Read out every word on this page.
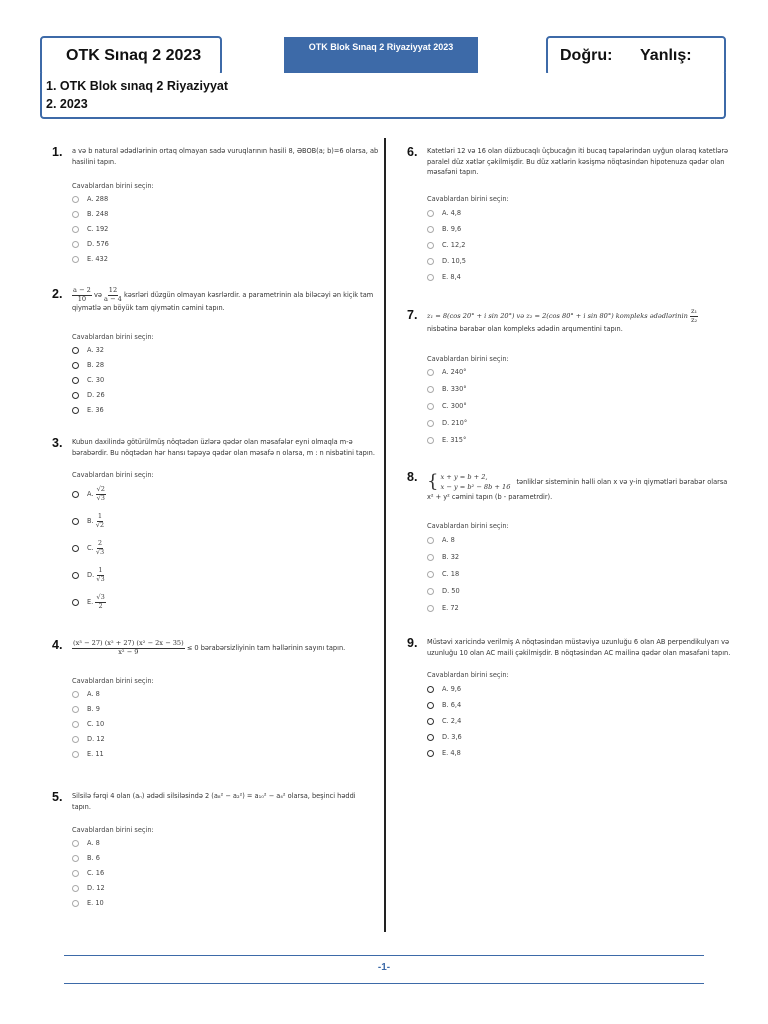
OTK Sınaq 2 2023	OTK Blok Sınaq 2 Riyaziyyat 2023	Doğru: Yanlış:
1. OTK Blok sınaq 2 Riyaziyyat
2. 2023
1. a və b natural ədədlərinin ortaq olmayan sadə vuruqlarının hasili 8, ƏBOB(a; b)=6 olarsa, ab
hasilini tapın.
Cavablardan birini seçin:
A. 288
B. 248
C. 192
D. 576
E. 432
2. $\frac{a - 2}{10}$ və $\frac{12}{a - 4}$ kəsrləri düzgün olmayan kəsrlərdir. a parametrinin ala biləcəyi ən kiçik tam
qiymətlə ən böyük tam qiymətin cəmini tapın.
Cavablardan birini seçin:
A. 32
B. 28
C. 30
D. 26
E. 36
3. Kubun daxilində götürülmüş nöqtədən üzlərə qədər olan məsafələr eyni olmaqla m-ə
bərabərdir. Bu nöqtədən hər hansı təpəyə qədər olan məsafə n olarsa, m : n nisbətini tapın.
Cavablardan birini seçin:
A.

√2
√3
B.

1
√2
C.

2
√3
D.

1
√3
E.

√3
2
4. $\frac{\text{(x³ − 27) (x² + 27) (x² − 2x − 35)}}{\text{x² − 9}} \le 0$ bərabərsizliyinin tam həllərinin sayını tapın.
Cavablardan birini seçin:
A. 8
B. 9
C. 10
D. 12
E. 11
5. Silsilə fərqi 4 olan (aₙ) ədədi silsiləsində 2 (a₈² − a₂²) = a₁₀² − a₄² olarsa, beşinci həddi
tapın.
Cavablardan birini seçin:
A. 8
B. 6
C. 16
D. 12
E. 10
6. Katetləri 12 və 16 olan düzbucaqlı üçbucağın iti bucaq təpələrindən uyğun olaraq katetlərə
paralel düz xətlər çəkilmişdir. Bu düz xətlərin kəsişmə nöqtəsindən hipotenuza qədər olan
məsafəni tapın.
Cavablardan birini seçin:
A. 4,8
B. 9,6
C. 12,2
D. 10,5
E. 8,4
7. z₁ = 8(cos 20° + i sin 20°) və z₂ = 2(cos 80° + i sin 80°) kompleks ədədlərinin $\frac{\text{z₁}}{\text{z₂}}$
nisbətinə bərabər olan kompleks ədədin arqumentini tapın.
Cavablardan birini seçin:
A. 240°
B. 330°
C. 300°
D. 210°
E. 315°
8. { x + y = b + 2,
x − y = b² − 8b + 16
tənliklər sisteminin həlli olan x və y-in qiymətləri bərabər olarsa
x² + y² cəmini tapın (b - parametrdir).
Cavablardan birini seçin:
A. 8
B. 32
C. 18
D. 50
E. 72
9. Müstəvi xaricində verilmiş A nöqtəsindən müstəviyə uzunluğu 6 olan AB perpendikulyarı və
uzunluğu 10 olan AC maili çəkilmişdir. B nöqtəsindən AC mailinə qədər olan məsafəni tapın.
Cavablardan birini seçin:
A. 9,6
B. 6,4
C. 2,4
D. 3,6
E. 4,8
-1-
